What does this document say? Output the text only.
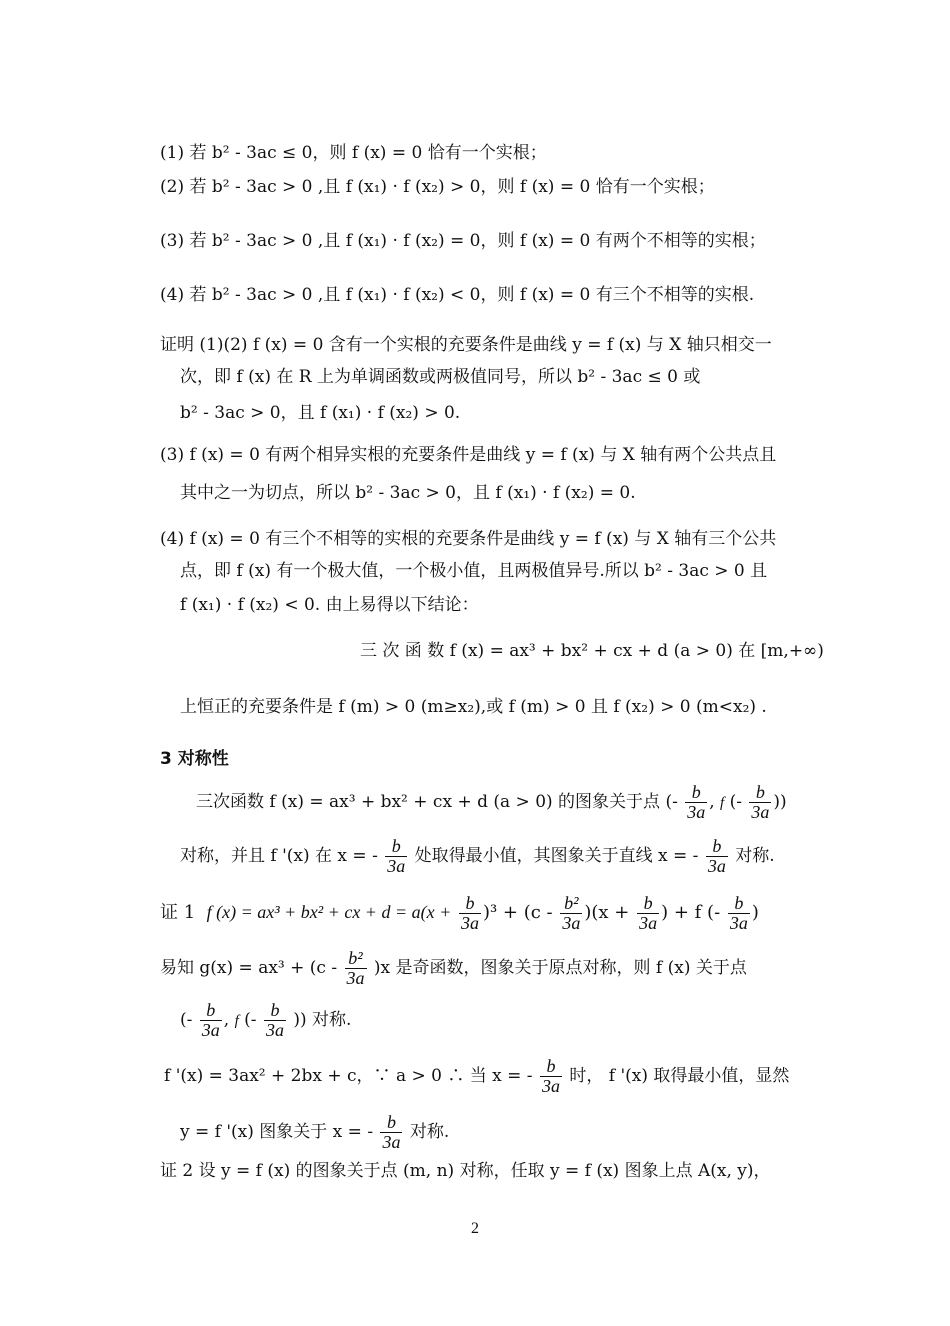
(1) 若 b² - 3ac ≤ 0，则 f (x) = 0 恰有一个实根；
(2) 若 b² - 3ac > 0 ,且 f (x₁) · f (x₂) > 0，则 f (x) = 0 恰有一个实根；
(3) 若 b² - 3ac > 0 ,且 f (x₁) · f (x₂) = 0，则 f (x) = 0 有两个不相等的实根；
(4) 若 b² - 3ac > 0 ,且 f (x₁) · f (x₂) < 0，则 f (x) = 0 有三个不相等的实根.
证明 (1)(2) f (x) = 0 含有一个实根的充要条件是曲线 y = f (x) 与 X 轴只相交一
次，即 f (x) 在 R 上为单调函数或两极值同号，所以 b² - 3ac ≤ 0 或
b² - 3ac > 0，且 f (x₁) · f (x₂) > 0.
(3) f (x) = 0 有两个相异实根的充要条件是曲线 y = f (x) 与 X 轴有两个公共点且
其中之一为切点，所以 b² - 3ac > 0，且 f (x₁) · f (x₂) = 0.
(4) f (x) = 0 有三个不相等的实根的充要条件是曲线 y = f (x) 与 X 轴有三个公共
点，即 f (x) 有一个极大值，一个极小值，且两极值异号.所以 b² - 3ac > 0 且
f (x₁) · f (x₂) < 0. 由上易得以下结论：
三 次 函 数 f (x) = ax³ + bx² + cx + d (a > 0) 在 [m,+∞)
上恒正的充要条件是 f (m) > 0 (m≥x₂),或 f (m) > 0 且 f (x₂) > 0 (m<x₂) .
3 对称性
三次函数 f (x) = ax³ + bx² + cx + d (a > 0) 的图象关于点 (- $\frac{b}{3a}$ , f (- $\frac{b}{3a}$ ))
对称，并且 f '(x) 在 x = - $\frac{b}{3a}$ 处取得最小值，其图象关于直线 x = - $\frac{b}{3a}$ 对称.
证 1 f (x) = ax³ + bx² + cx + $d = a(x + \frac{b}{3a} )^3 + (c - \frac{\text{b²}}{3a} )(x + \frac{b}{3a}$ ) + f (- $\frac{b}{3a}$ )
易知 $g(x) = ax^3 + (c - \frac{\text{b²}}{3a} )x$ 是奇函数，图象关于原点对称，则 f (x) 关于点
(- $\frac{b}{3a}$ , f (- $\frac{b}{3a}$ )) 对称.
f '(x) = 3ax² + 2bx + c，∵ a > 0 ∴ 当 x = - $\frac{b}{3a}$ 时， f '(x) 取得最小值，显然
y = f '(x) 图象关于 x = - $\frac{b}{3a}$ 对称.
证 2 设 y = f (x) 的图象关于点 (m, n) 对称，任取 y = f (x) 图象上点 A(x, y)，
2
